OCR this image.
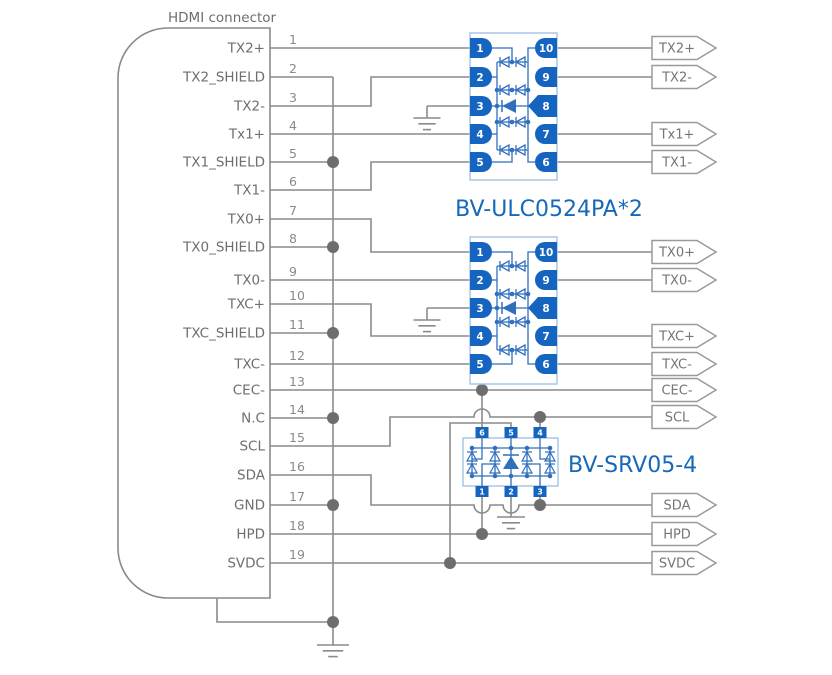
HDMI connector
TX2+
1
TX2_SHIELD
2
TX2-
3
Tx1+
4
TX1_SHIELD
5
TX1-
6
TX0+
7
TX0_SHIELD
8
TX0-
9
TXC+
10
TXC_SHIELD
11
TXC-
12
CEC-
13
N.C
14
SCL
15
SDA
16
GND
17
HPD
18
SVDC
19
1
2
3
4
5
10
9
8
7
6
1
2
3
4
5
10
9
8
7
6
6	5	4
1	2	3
BV-ULC0524PA*2
BV-SRV05-4
TX2+
TX2-
Tx1+
TX1-
TX0+
TX0-
TXC+
TXC-
CEC-
SCL
SDA
HPD
SVDC
